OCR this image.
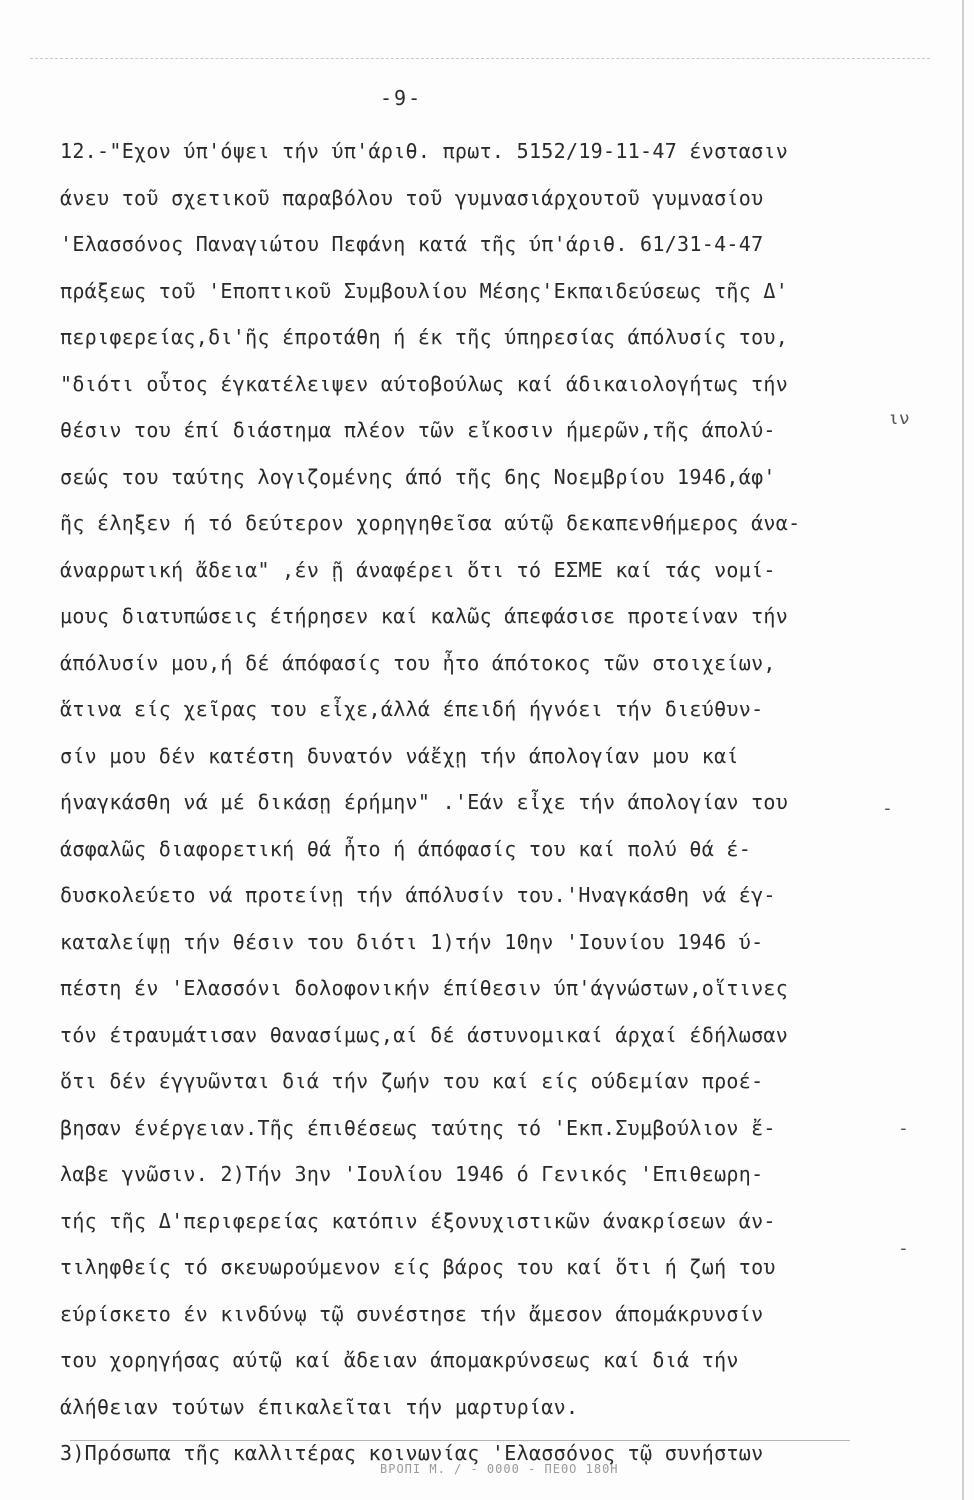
-9-
12.-"Εχον ύπ'όψει τήν ύπ'άριθ. πρωτ. 5152/19-11-47 ένστασιν
άνευ τοῦ σχετικοῦ παραβόλου τοῦ γυμνασιάρχουτοῦ γυμνασίου
'Ελασσόνος Παναγιώτου Πεφάνη κατά τῆς ύπ'άριθ. 61/31-4-47
πράξεως τοῦ 'Εποπτικοῦ Συμβουλίου Μέσης'Εκπαιδεύσεως τῆς Δ'
περιφερείας,δι'ῆς έπροτάθη ή έκ τῆς ύπηρεσίας άπόλυσίς του,
"διότι οὗτος έγκατέλειψεν αύτοβούλως καί άδικαιολογήτως τήν
θέσιν του έπί διάστημα πλέον τῶν εἴκοσιν ήμερῶν,τῆς άπολύ-
σεώς του ταύτης λογιζομένης άπό τῆς 6ης Νοεμβρίου 1946,άφ'
ῆς έληξεν ή τό δεύτερον χορηγηθεῖσα αύτῷ δεκαπενθήμερος άνα-
άναρρωτική ἄδεια" ,έν ῇ άναφέρει ὅτι τό ΕΣΜΕ καί τάς νομί-
μους διατυπώσεις έτήρησεν καί καλῶς άπεφάσισε προτείναν τήν
άπόλυσίν μου,ή δέ άπόφασίς του ἦτο άπότοκος τῶν στοιχείων,
ἅτινα είς χεῖρας του εἶχε,άλλά έπειδή ήγνόει τήν διεύθυν-
σίν μου δέν κατέστη δυνατόν νάἔχῃ τήν άπολογίαν μου καί
ήναγκάσθη νά μέ δικάσῃ έρήμην" .'Εάν εἶχε τήν άπολογίαν του
άσφαλῶς διαφορετική θά ἦτο ή άπόφασίς του καί πολύ θά έ-
δυσκολεύετο νά προτείνῃ τήν άπόλυσίν του.'Ηναγκάσθη νά έγ-
καταλείψῃ τήν θέσιν του διότι 1)τήν 10ην 'Ιουνίου 1946 ύ-
πέστη έν 'Ελασσόνι δολοφονικήν έπίθεσιν ύπ'άγνώστων,οἵτινες
τόν έτραυμάτισαν θανασίμως,αί δέ άστυνομικαί άρχαί έδήλωσαν
ὅτι δέν έγγυῶνται διά τήν ζωήν του καί είς ούδεμίαν προέ-
βησαν ένέργειαν.Τῆς έπιθέσεως ταύτης τό 'Εκπ.Συμβούλιον ἔ-
λαβε γνῶσιν. 2)Τήν 3ην 'Ιουλίου 1946 ό Γενικός 'Επιθεωρη-
τής τῆς Δ'περιφερείας κατόπιν έξονυχιστικῶν άνακρίσεων άν-
τιληφθείς τό σκευωρούμενον είς βάρος του καί ὅτι ή ζωή του
εύρίσκετο έν κινδύνῳ τῷ συνέστησε τήν ἄμεσον άπομάκρυνσίν
του χορηγήσας αύτῷ καί ἄδειαν άπομακρύνσεως καί διά τήν
άλήθειαν τούτων έπικαλεῖται τήν μαρτυρίαν.
3)Πρόσωπα τῆς καλλιτέρας κοινωνίας 'Ελασσόνος τῷ συνήστων
ιν
-
-
-
ΒΡΟΠΙ Μ. / - 0000 - ΠΕΘΟ 180Η
